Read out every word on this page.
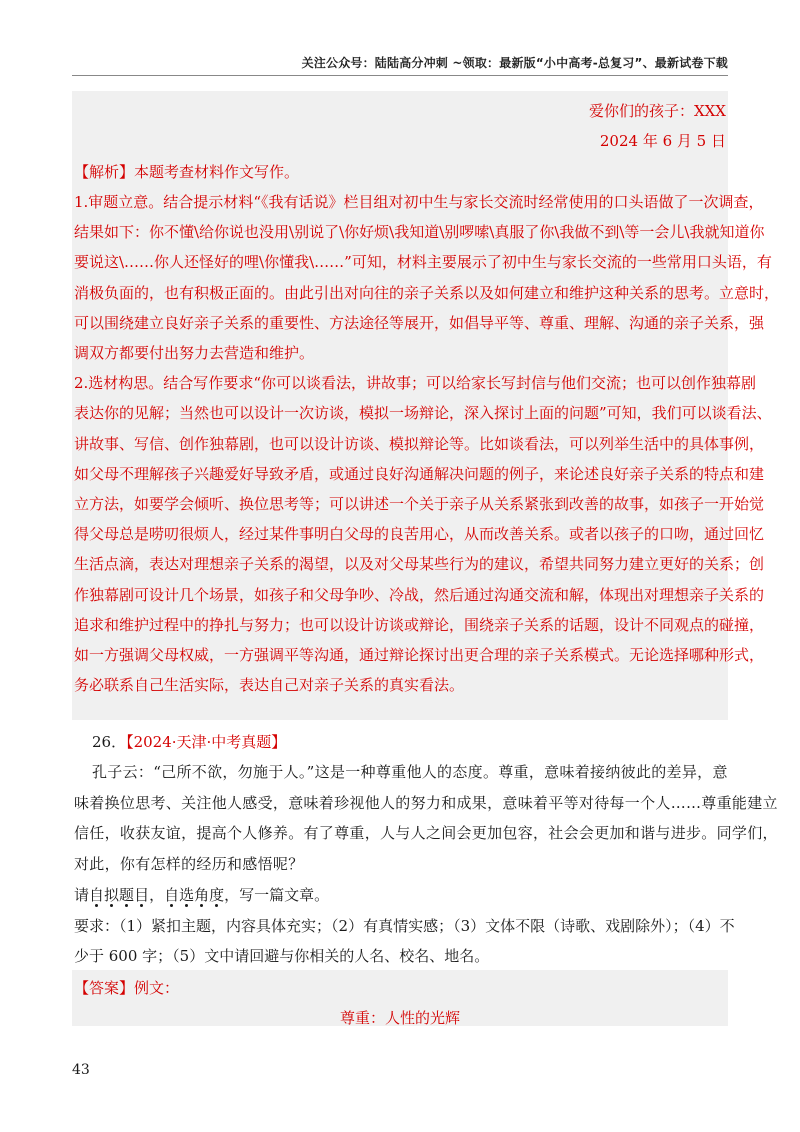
关注公众号：陆陆高分冲刺 ~领取：最新版“小中高考-总复习”、最新试卷下载
爱你们的孩子：XXX
2024 年 6 月 5 日
【解析】本题考查材料作文写作。
1.审题立意。结合提示材料“《我有话说》栏目组对初中生与家长交流时经常使用的口头语做了一次调查，
结果如下：你不懂\给你说也没用\别说了\你好烦\我知道\别啰嗦\真服了你\我做不到\等一会儿\我就知道你
要说这\……你人还怪好的哩\你懂我\……”可知，材料主要展示了初中生与家长交流的一些常用口头语，有
消极负面的，也有积极正面的。由此引出对向往的亲子关系以及如何建立和维护这种关系的思考。立意时，
可以围绕建立良好亲子关系的重要性、方法途径等展开，如倡导平等、尊重、理解、沟通的亲子关系，强
调双方都要付出努力去营造和维护。
2.选材构思。结合写作要求“你可以谈看法，讲故事；可以给家长写封信与他们交流；也可以创作独幕剧
表达你的见解；当然也可以设计一次访谈，模拟一场辩论，深入探讨上面的问题”可知，我们可以谈看法、
讲故事、写信、创作独幕剧，也可以设计访谈、模拟辩论等。比如谈看法，可以列举生活中的具体事例，
如父母不理解孩子兴趣爱好导致矛盾，或通过良好沟通解决问题的例子，来论述良好亲子关系的特点和建
立方法，如要学会倾听、换位思考等；可以讲述一个关于亲子从关系紧张到改善的故事，如孩子一开始觉
得父母总是唠叨很烦人，经过某件事明白父母的良苦用心，从而改善关系。或者以孩子的口吻，通过回忆
生活点滴，表达对理想亲子关系的渴望，以及对父母某些行为的建议，希望共同努力建立更好的关系；创
作独幕剧可设计几个场景，如孩子和父母争吵、冷战，然后通过沟通交流和解，体现出对理想亲子关系的
追求和维护过程中的挣扎与努力；也可以设计访谈或辩论，围绕亲子关系的话题，设计不同观点的碰撞，
如一方强调父母权威，一方强调平等沟通，通过辩论探讨出更合理的亲子关系模式。无论选择哪种形式，
务必联系自己生活实际，表达自己对亲子关系的真实看法。
26．【2024·天津·中考真题】
孔子云：“己所不欲，勿施于人。”这是一种尊重他人的态度。尊重，意味着接纳彼此的差异，意
味着换位思考、关注他人感受，意味着珍视他人的努力和成果，意味着平等对待每一个人……尊重能建立
信任，收获友谊，提高个人修养。有了尊重，人与人之间会更加包容，社会会更加和谐与进步。同学们，
对此，你有怎样的经历和感悟呢？
请自拟题目，自选角度，写一篇文章。
要求：（1）紧扣主题，内容具体充实；（2）有真情实感；（3）文体不限（诗歌、戏剧除外）；（4）不
少于 600 字；（5）文中请回避与你相关的人名、校名、地名。
【答案】例文：
尊重：人性的光辉
43
